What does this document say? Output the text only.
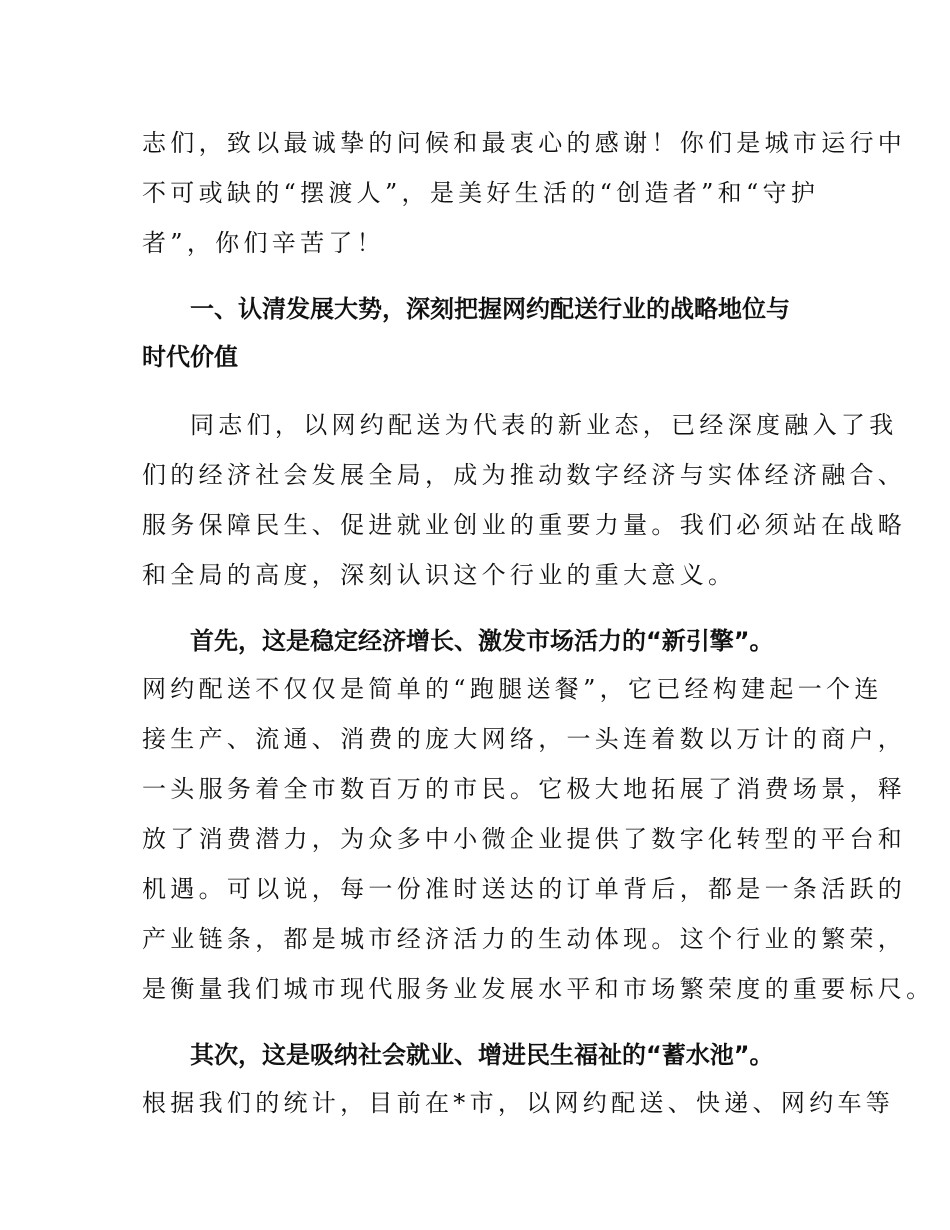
志们，致以最诚挚的问候和最衷心的感谢！你们是城市运行中
不可或缺的“摆渡人”，是美好生活的“创造者”和“守护
者”，你们辛苦了！
一、认清发展大势，深刻把握网约配送行业的战略地位与
时代价值
同志们，以网约配送为代表的新业态，已经深度融入了我
们的经济社会发展全局，成为推动数字经济与实体经济融合、
服务保障民生、促进就业创业的重要力量。我们必须站在战略
和全局的高度，深刻认识这个行业的重大意义。
首先，这是稳定经济增长、激发市场活力的“新引擎”。
网约配送不仅仅是简单的“跑腿送餐”，它已经构建起一个连
接生产、流通、消费的庞大网络，一头连着数以万计的商户，
一头服务着全市数百万的市民。它极大地拓展了消费场景，释
放了消费潜力，为众多中小微企业提供了数字化转型的平台和
机遇。可以说，每一份准时送达的订单背后，都是一条活跃的
产业链条，都是城市经济活力的生动体现。这个行业的繁荣，
是衡量我们城市现代服务业发展水平和市场繁荣度的重要标尺。
其次，这是吸纳社会就业、增进民生福祉的“蓄水池”。
根据我们的统计，目前在*市，以网约配送、快递、网约车等
